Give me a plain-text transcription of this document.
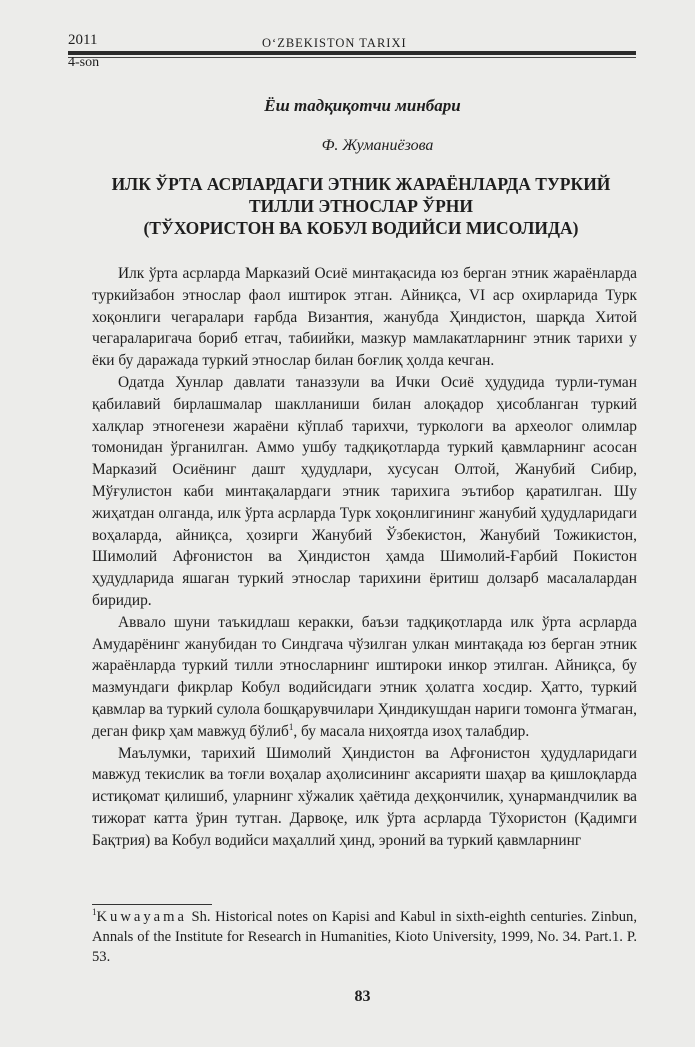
2011	O‘ZBEKISTON TARIXI
4-son
Ёш тадқиқотчи минбари
Ф. Жуманиёзова
ИЛК ЎРТА АСРЛАРДАГИ ЭТНИК ЖАРАЁНЛАРДА ТУРКИЙ
ТИЛЛИ ЭТНОСЛАР ЎРНИ
(ТЎХОРИСТОН ВА КОБУЛ ВОДИЙСИ МИСОЛИДА)

Илк ўрта асрларда Марказий Осиё минтақасида юз берган этник жараёнларда туркийзабон этнослар фаол иштирок этган. Айниқса, VI аср охирларида Турк хоқонлиги чегаралари ғарбда Византия, жанубда Ҳиндистон, шарқда Хитой чегараларигача бориб етгач, табиийки, мазкур мамлакатларнинг этник тарихи у ёки бу даражада туркий этнослар билан боғлиқ ҳолда кечган.

Одатда Хунлар давлати таназзули ва Ички Осиё ҳудудида турли-туман қабилавий бирлашмалар шаклланиши билан алоқадор ҳисобланган туркий халқлар этногенези жараёни кўплаб тарихчи, туркологи ва археолог олимлар томонидан ўрганилган. Аммо ушбу тадқиқотларда туркий қавмларнинг асосан Марказий Осиёнинг дашт ҳудудлари, хусусан Олтой, Жанубий Сибир, Мўғулистон каби минтақалардаги этник тарихига эътибор қаратилган. Шу жиҳатдан олганда, илк ўрта асрларда Турк хоқонлигининг жанубий ҳудудларидаги воҳаларда, айниқса, ҳозирги Жанубий Ўзбекистон, Жанубий Тожикистон, Шимолий Афғонистон ва Ҳиндистон ҳамда Шимолий-Ғарбий Покистон ҳудудларида яшаган туркий этнослар тарихини ёритиш долзарб масалалардан биридир.

Аввало шуни таъкидлаш керакки, баъзи тадқиқотларда илк ўрта асрларда Амударёнинг жанубидан то Синдгача чўзилган улкан минтақада юз берган этник жараёнларда туркий тилли этносларнинг иштироки инкор этилган. Айниқса, бу мазмундаги фикрлар Кобул водийсидаги этник ҳолатга хосдир. Ҳатто, туркий қавмлар ва туркий сулола бошқарувчилари Ҳиндикушдан нариги томонга ўтмаган, деган фикр ҳам мавжуд бўлиб$^1$, бу масала ниҳоятда изоҳ талабдир.

Маълумки, тарихий Шимолий Ҳиндистон ва Афғонистон ҳудудларидаги мавжуд текислик ва тоғли воҳалар аҳолисининг аксарияти шаҳар ва қишлоқларда истиқомат қилишиб, уларнинг хўжалик ҳаётида деҳқончилик, ҳунармандчилик ва тижорат катта ўрин тутган. Дарвоқе, илк ўрта асрларда Тўхористон (Қадимги Бақтрия) ва Кобул водийси маҳаллий ҳинд, эроний ва туркий қавмларнинг

$^1$Kuwayama Sh. Historical notes on Kapisi and Kabul in sixth-eighth centuries. Zinbun, Annals of the Institute for Research in Humanities, Kioto University, 1999, No. 34. Part.1. P. 53.
83
